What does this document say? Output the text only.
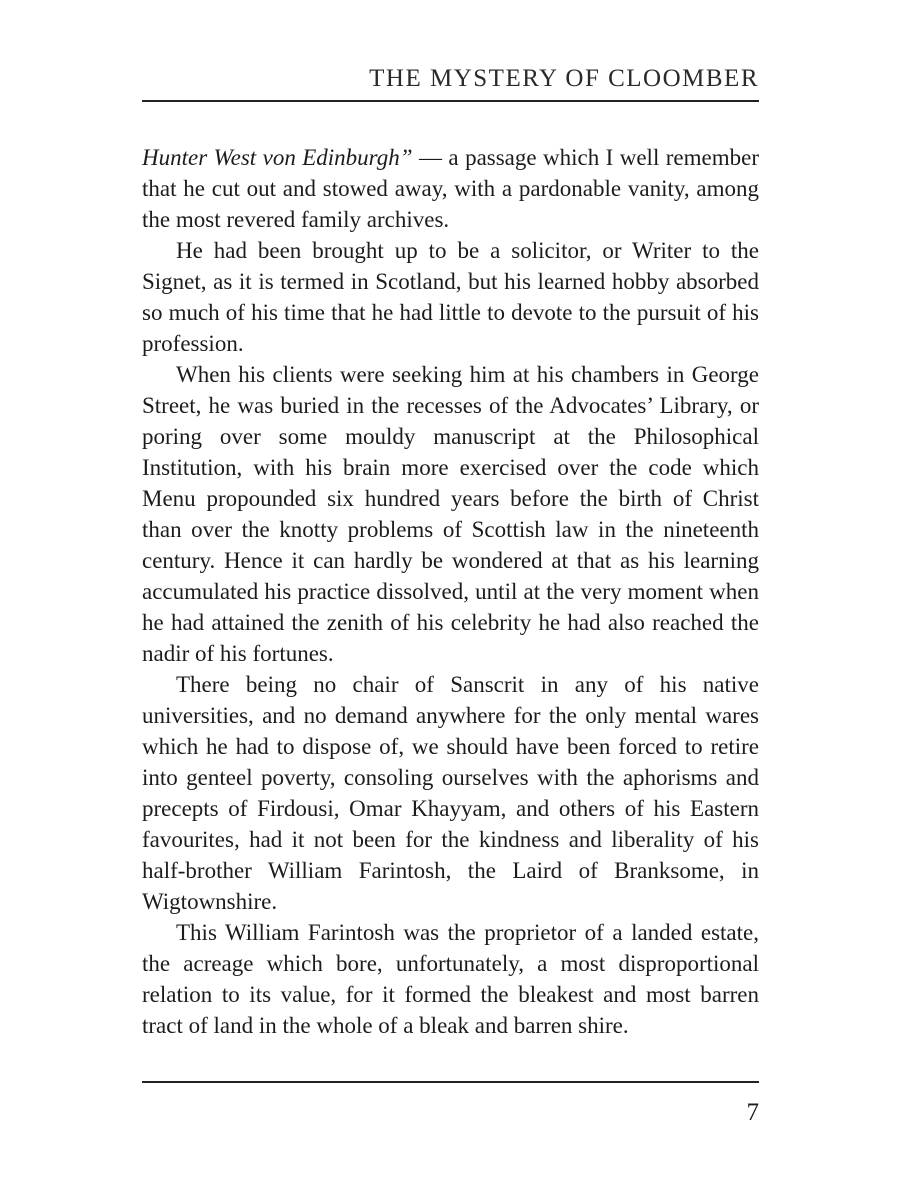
THE MYSTERY OF CLOOMBER

Hunter West von Edinburgh” — a passage which I well remember that he cut out and stowed away, with a pardonable vanity, among the most revered family archives.

He had been brought up to be a solicitor, or Writer to the Signet, as it is termed in Scotland, but his learned hobby absorbed so much of his time that he had little to devote to the pursuit of his profession.

When his clients were seeking him at his chambers in George Street, he was buried in the recesses of the Advocates’ Library, or poring over some mouldy manuscript at the Philosophical Institution, with his brain more exercised over the code which Menu propounded six hundred years before the birth of Christ than over the knotty problems of Scottish law in the nineteenth century. Hence it can hardly be wondered at that as his learning accumulated his practice dissolved, until at the very moment when he had attained the zenith of his celebrity he had also reached the nadir of his fortunes.

There being no chair of Sanscrit in any of his native universities, and no demand anywhere for the only mental wares which he had to dispose of, we should have been forced to retire into genteel poverty, consoling ourselves with the aphorisms and precepts of Firdousi, Omar Khayyam, and others of his Eastern favourites, had it not been for the kindness and liberality of his half-brother William Farintosh, the Laird of Branksome, in Wigtownshire.

This William Farintosh was the proprietor of a landed estate, the acreage which bore, unfortunately, a most disproportional relation to its value, for it formed the bleakest and most barren tract of land in the whole of a bleak and barren shire.

7
